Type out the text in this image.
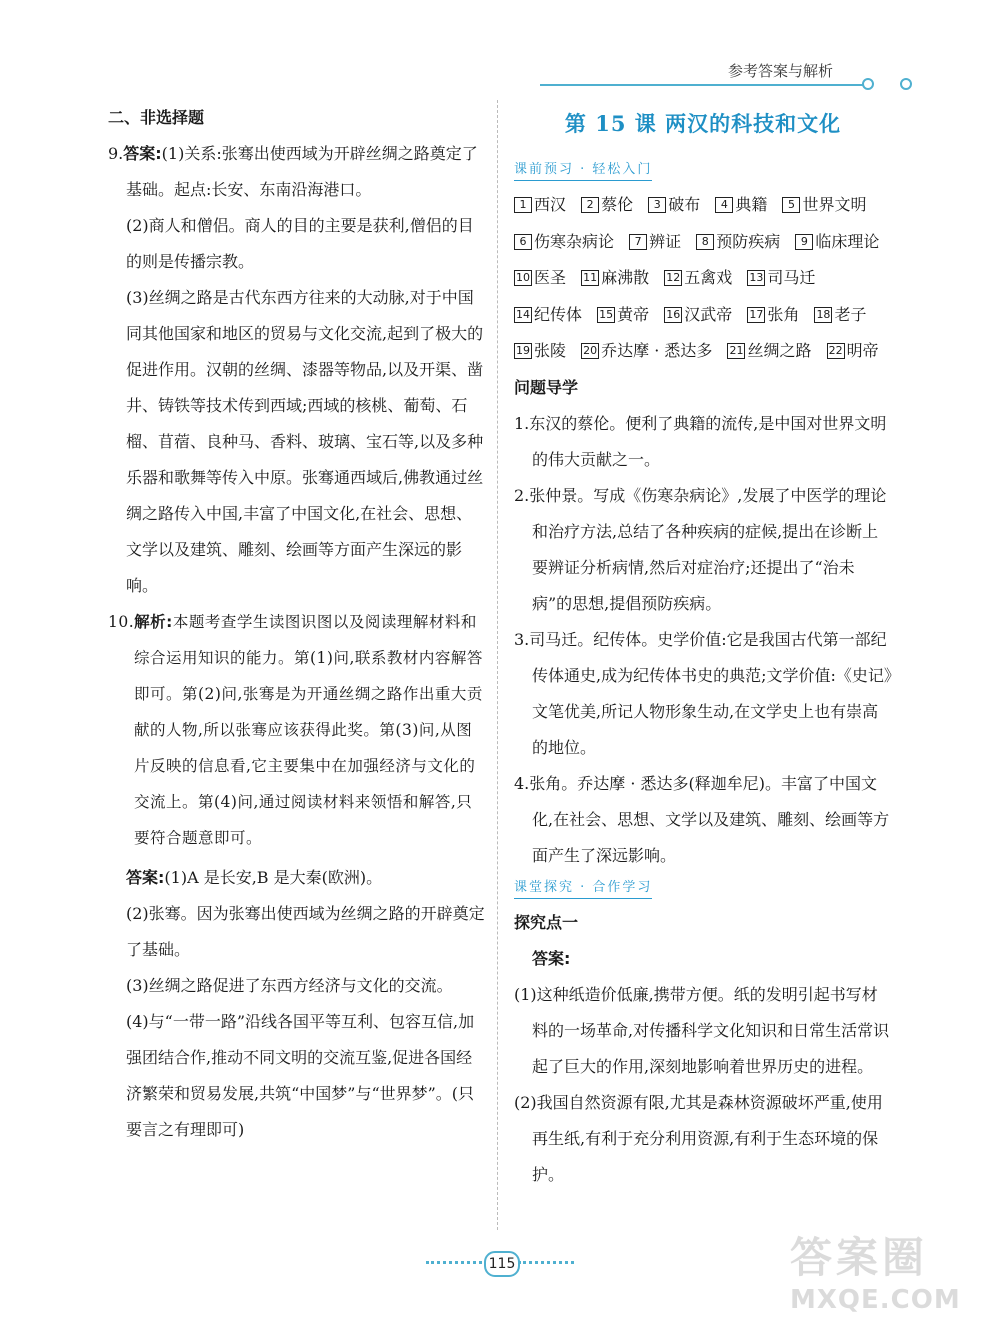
参考答案与解析

二、非选择题

9.答案:(1)关系:张骞出使西域为开辟丝绸之路奠定了基础。起点:长安、东南沿海港口。

(2)商人和僧侣。商人的目的主要是获利,僧侣的目的则是传播宗教。

(3)丝绸之路是古代东西方往来的大动脉,对于中国同其他国家和地区的贸易与文化交流,起到了极大的促进作用。汉朝的丝绸、漆器等物品,以及开渠、凿井、铸铁等技术传到西域;西域的核桃、葡萄、石榴、苜蓿、良种马、香料、玻璃、宝石等,以及多种乐器和歌舞等传入中原。张骞通西域后,佛教通过丝绸之路传入中国,丰富了中国文化,在社会、思想、文学以及建筑、雕刻、绘画等方面产生深远的影响。

10.解析:本题考查学生读图识图以及阅读理解材料和综合运用知识的能力。第(1)问,联系教材内容解答即可。第(2)问,张骞是为开通丝绸之路作出重大贡献的人物,所以张骞应该获得此奖。第(3)问,从图片反映的信息看,它主要集中在加强经济与文化的交流上。第(4)问,通过阅读材料来领悟和解答,只要符合题意即可。

答案:(1)A 是长安,B 是大秦(欧洲)。

(2)张骞。因为张骞出使西域为丝绸之路的开辟奠定了基础。

(3)丝绸之路促进了东西方经济与文化的交流。

(4)与“一带一路”沿线各国平等互利、包容互信,加强团结合作,推动不同文明的交流互鉴,促进各国经济繁荣和贸易发展,共筑“中国梦”与“世界梦”。(只要言之有理即可)

第 15 课 两汉的科技和文化

课前预习 · 轻松入门

1 西汉 2 蔡伦 3 破布 4 典籍 5 世界文明 6 伤寒杂病论 7 辨证 8 预防疾病 9 临床理论 10 医圣 11 麻沸散 12 五禽戏 13 司马迁 14 纪传体 15 黄帝 16 汉武帝 17 张角 18 老子 19 张陵 20 乔达摩 · 悉达多 21 丝绸之路 22 明帝

问题导学

1.东汉的蔡伦。便利了典籍的流传,是中国对世界文明的伟大贡献之一。

2.张仲景。写成《伤寒杂病论》,发展了中医学的理论和治疗方法,总结了各种疾病的症候,提出在诊断上要辨证分析病情,然后对症治疗;还提出了“治未病”的思想,提倡预防疾病。

3.司马迁。纪传体。史学价值:它是我国古代第一部纪传体通史,成为纪传体书史的典范;文学价值:《史记》文笔优美,所记人物形象生动,在文学史上也有崇高的地位。

4.张角。乔达摩 · 悉达多(释迦牟尼)。丰富了中国文化,在社会、思想、文学以及建筑、雕刻、绘画等方面产生了深远影响。

课堂探究 · 合作学习

探究点一

答案:

(1)这种纸造价低廉,携带方便。纸的发明引起书写材料的一场革命,对传播科学文化知识和日常生活常识起了巨大的作用,深刻地影响着世界历史的进程。

(2)我国自然资源有限,尤其是森林资源破坏严重,使用再生纸,有利于充分利用资源,有利于生态环境的保护。

115	答案圈
MXQE.COM
